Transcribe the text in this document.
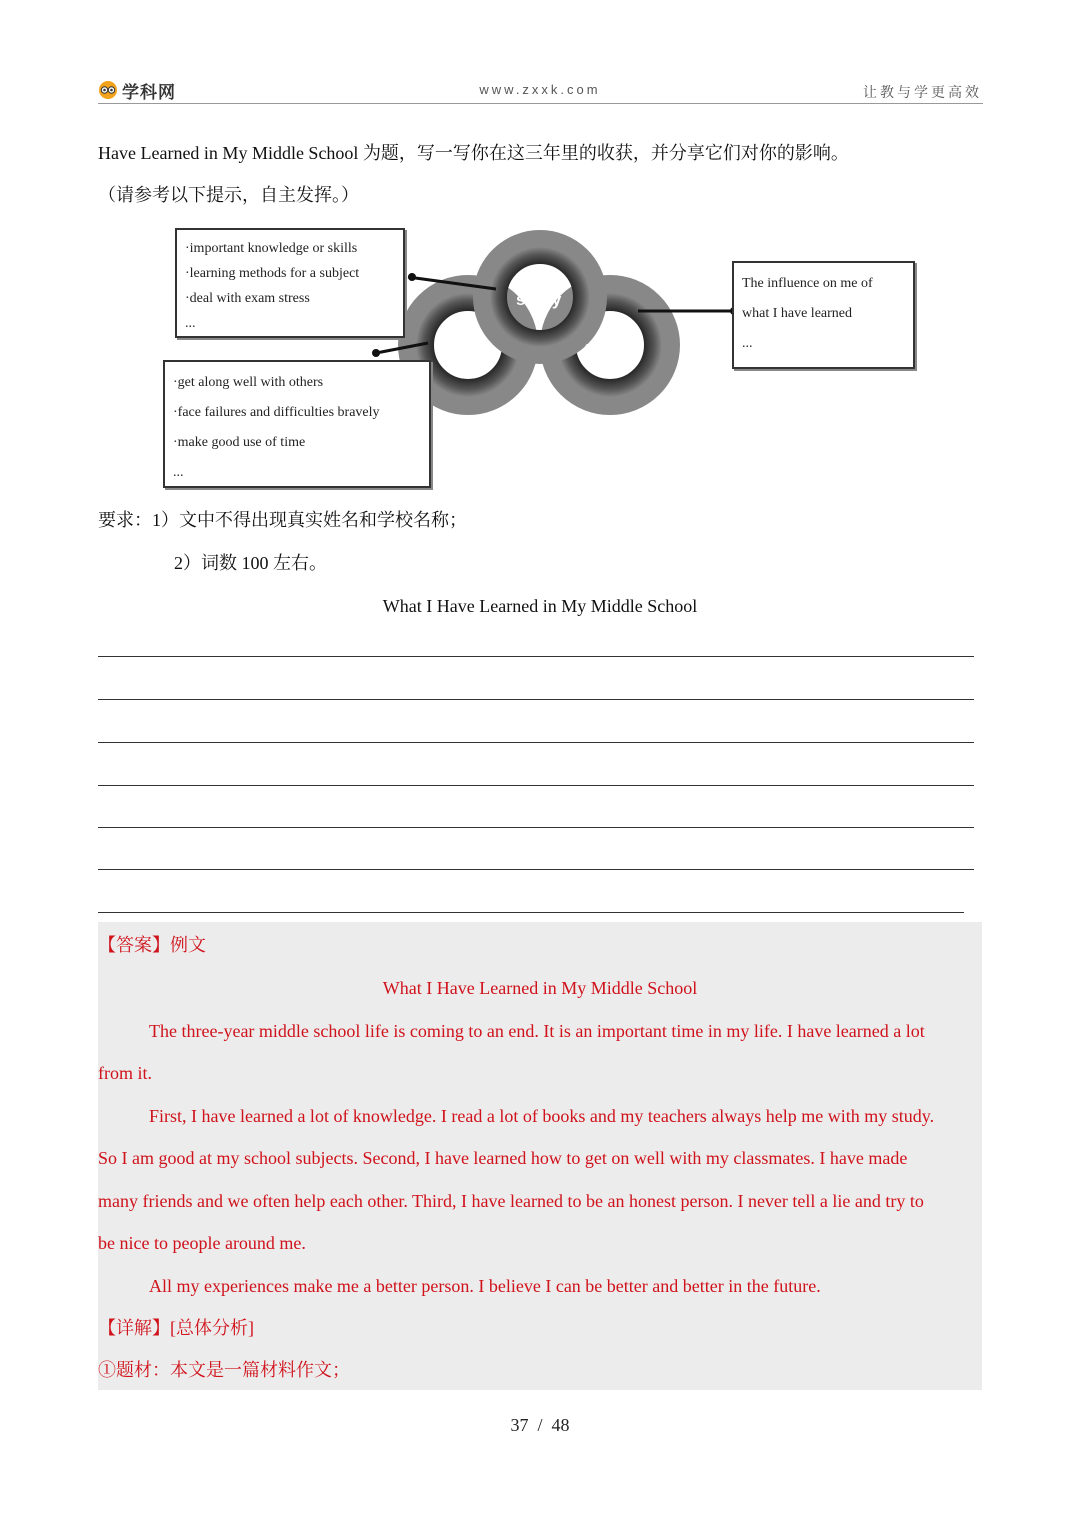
学科网	www.zxxk.com	让教与学更高效
Have Learned in My Middle School 为题，写一写你在这三年里的收获，并分享它们对你的影响。
（请参考以下提示，自主发挥。）
study
life	future
·important knowledge or skills
·learning methods for a subject
·deal with exam stress
...
·get along well with others
·face failures and difficulties bravely
·make good use of time
...
The influence on me of
what I have learned
...
要求：1）文中不得出现真实姓名和学校名称；
2）词数 100 左右。
What I Have Learned in My Middle School
【答案】例文
What I Have Learned in My Middle School
The three-year middle school life is coming to an end. It is an important time in my life. I have learned a lot
from it.
First, I have learned a lot of knowledge. I read a lot of books and my teachers always help me with my study.
So I am good at my school subjects. Second, I have learned how to get on well with my classmates. I have made
many friends and we often help each other. Third, I have learned to be an honest person. I never tell a lie and try to
be nice to people around me.
All my experiences make me a better person. I believe I can be better and better in the future.
【详解】[总体分析]
①题材：本文是一篇材料作文；
37 / 48
